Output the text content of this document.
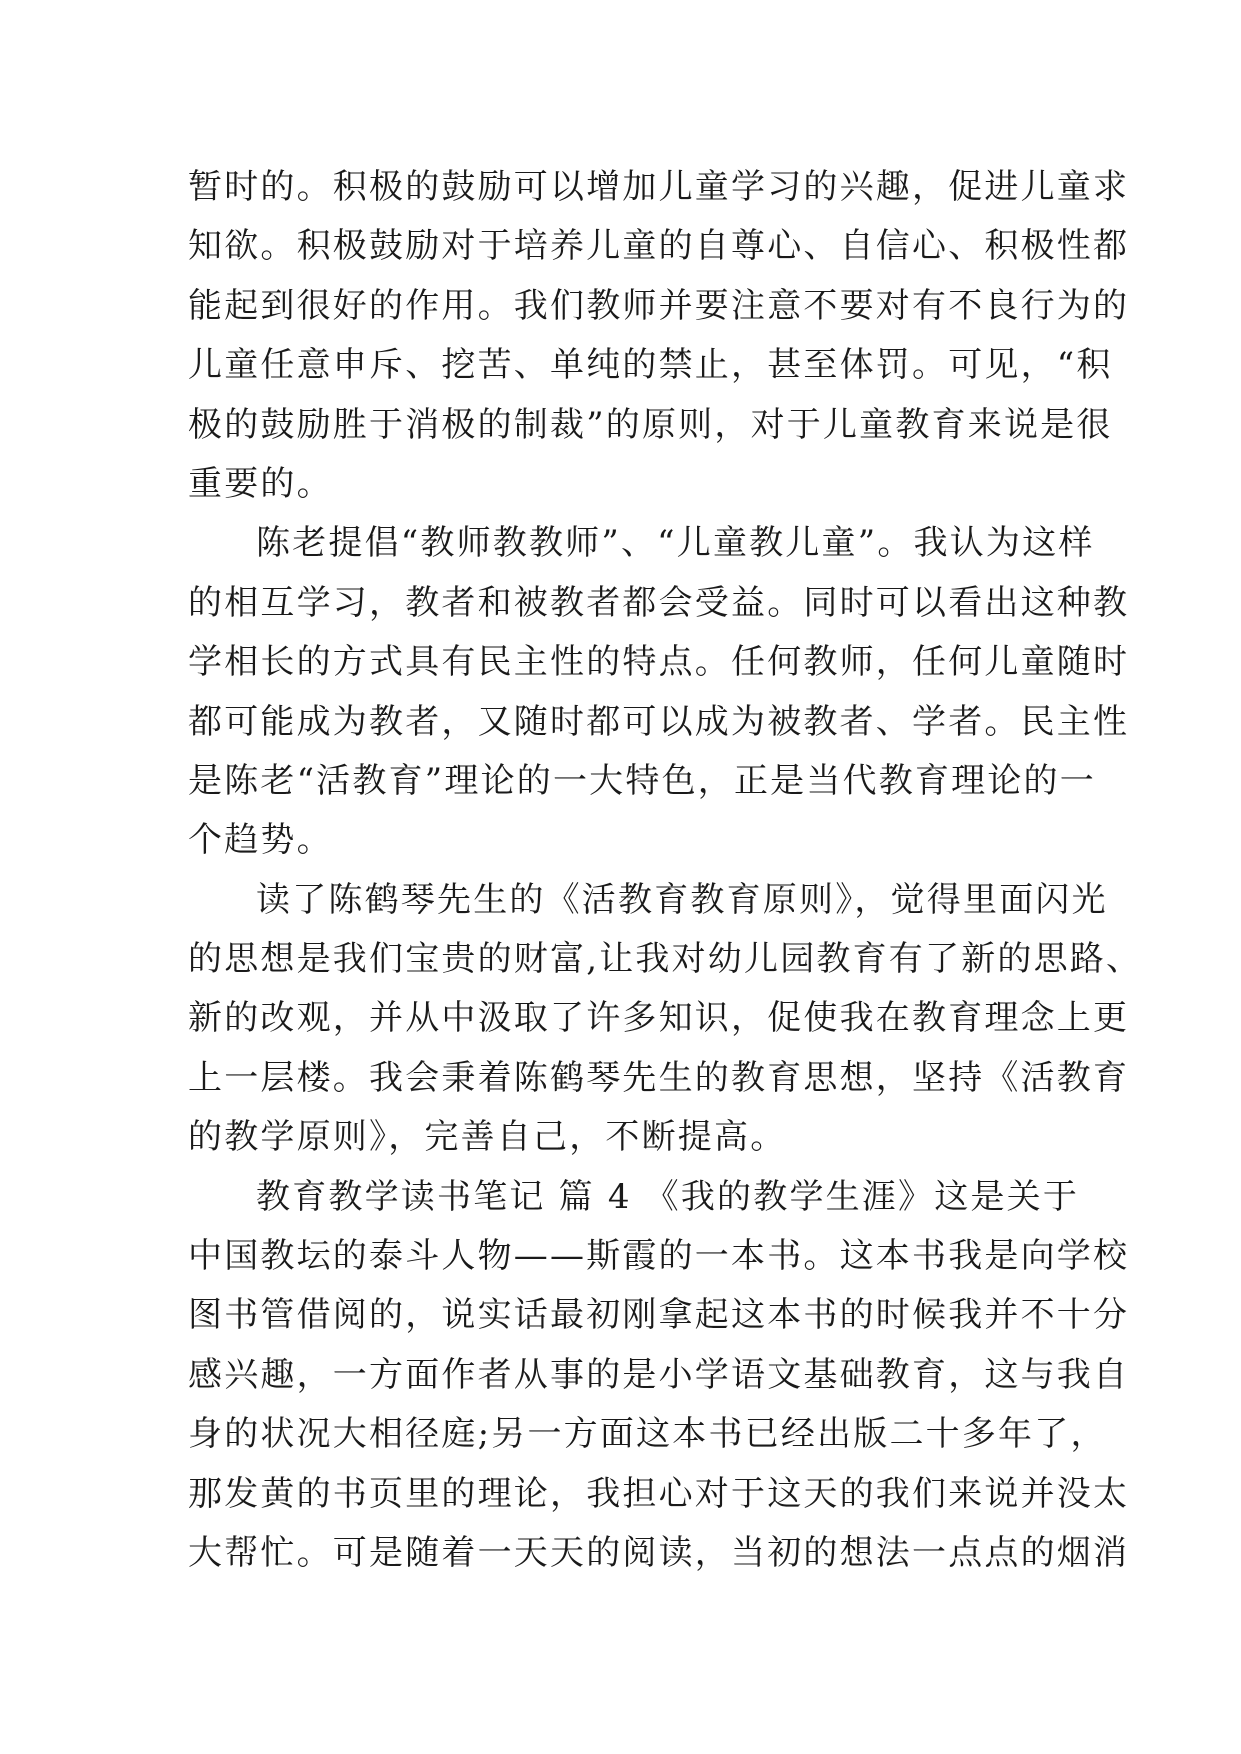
暂时的。积极的鼓励可以增加儿童学习的兴趣，促进儿童求
知欲。积极鼓励对于培养儿童的自尊心、自信心、积极性都
能起到很好的作用。我们教师并要注意不要对有不良行为的
儿童任意申斥、挖苦、单纯的禁止，甚至体罚。可见，“积
极的鼓励胜于消极的制裁”的原则，对于儿童教育来说是很
重要的。
陈老提倡“教师教教师”、“儿童教儿童”。我认为这样
的相互学习，教者和被教者都会受益。同时可以看出这种教
学相长的方式具有民主性的特点。任何教师，任何儿童随时
都可能成为教者，又随时都可以成为被教者、学者。民主性
是陈老“活教育”理论的一大特色，正是当代教育理论的一
个趋势。
读了陈鹤琴先生的《活教育教育原则》，觉得里面闪光
的思想是我们宝贵的财富,让我对幼儿园教育有了新的思路、
新的改观，并从中汲取了许多知识，促使我在教育理念上更
上一层楼。我会秉着陈鹤琴先生的教育思想，坚持《活教育
的教学原则》，完善自己，不断提高。
教育教学读书笔记 篇 4 《我的教学生涯》这是关于
中国教坛的泰斗人物——斯霞的一本书。这本书我是向学校
图书管借阅的，说实话最初刚拿起这本书的时候我并不十分
感兴趣，一方面作者从事的是小学语文基础教育，这与我自
身的状况大相径庭;另一方面这本书已经出版二十多年了，
那发黄的书页里的理论，我担心对于这天的我们来说并没太
大帮忙。可是随着一天天的阅读，当初的想法一点点的烟消
